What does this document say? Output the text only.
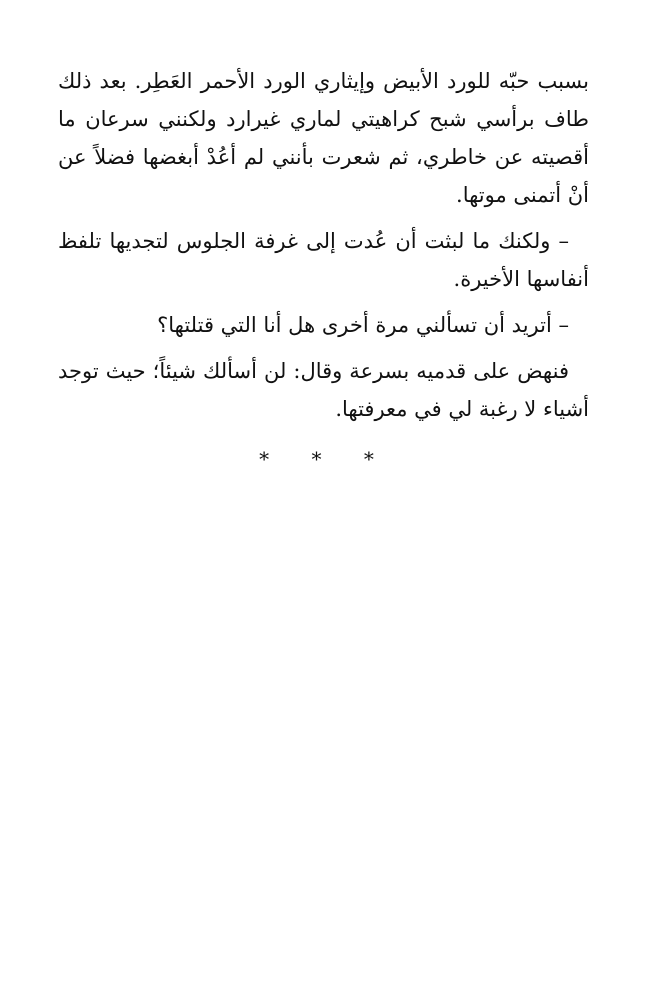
بسبب حبّه للورد الأبيض وإيثاري الورد الأحمر العَطِر. بعد ذلك طاف برأسي شبح كراهيتي لماري غيرارد ولكنني سرعان ما أقصيته عن خاطري، ثم شعرت بأنني لم أعُدْ أبغضها فضلاً عن أنْ أتمنى موتها.

– ولكنك ما لبثت أن عُدت إلى غرفة الجلوس لتجديها تلفظ أنفاسها الأخيرة.

– أتريد أن تسألني مرة أخرى هل أنا التي قتلتها؟

فنهض على قدميه بسرعة وقال: لن أسألك شيئاً؛ حيث توجد أشياء لا رغبة لي في معرفتها.

* * *
